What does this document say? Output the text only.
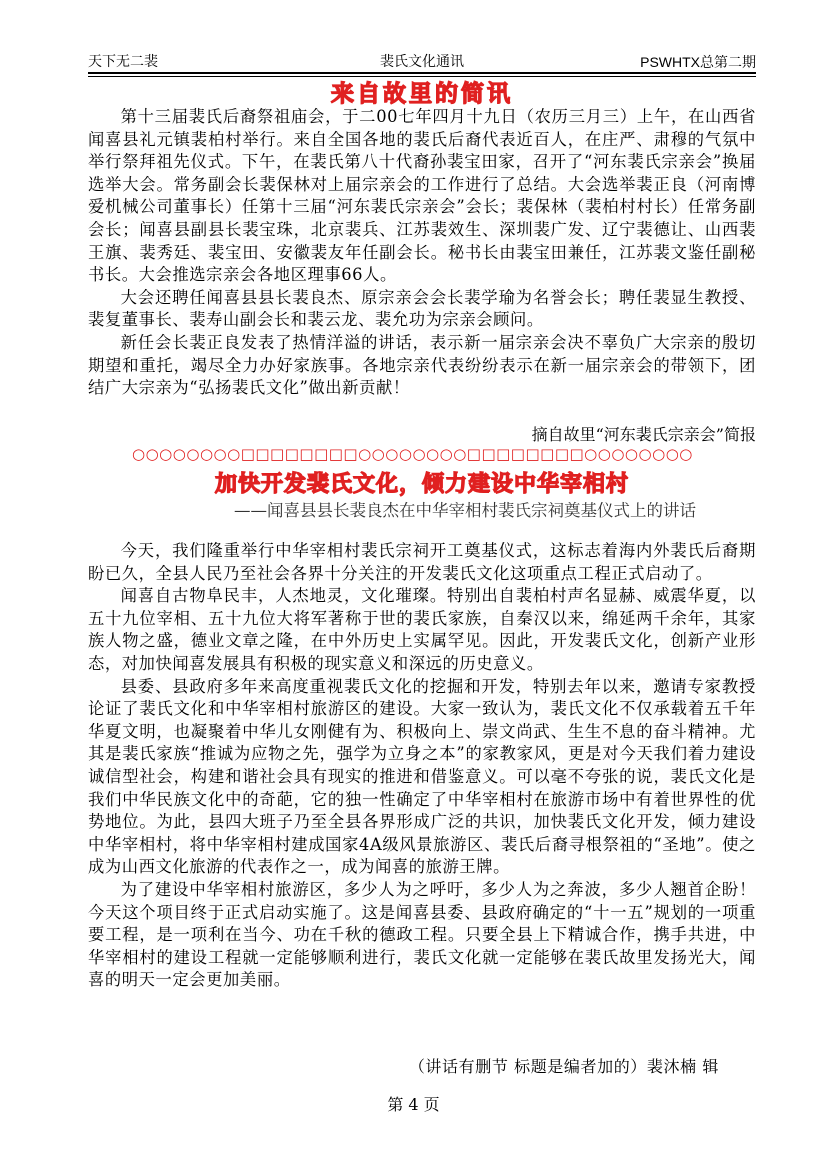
天下无二裴	裴氏文化通讯	PSWHTX总第二期
来自故里的简讯

第十三届裴氏后裔祭祖庙会，于二00七年四月十九日（农历三月三）上午，在山西省闻喜县礼元镇裴柏村举行。来自全国各地的裴氏后裔代表近百人，在庄严、肃穆的气氛中举行祭拜祖先仪式。下午，在裴氏第八十代裔孙裴宝田家，召开了“河东裴氏宗亲会”换届选举大会。常务副会长裴保林对上届宗亲会的工作进行了总结。大会选举裴正良（河南博爱机械公司董事长）任第十三届“河东裴氏宗亲会”会长；裴保林（裴柏村村长）任常务副会长；闻喜县副县长裴宝珠，北京裴兵、江苏裴效生、深圳裴广发、辽宁裴德让、山西裴王旗、裴秀廷、裴宝田、安徽裴友年任副会长。秘书长由裴宝田兼任，江苏裴文鉴任副秘书长。大会推选宗亲会各地区理事66人。

大会还聘任闻喜县县长裴良杰、原宗亲会会长裴学瑜为名誉会长；聘任裴显生教授、裴复董事长、裴寿山副会长和裴云龙、裴允功为宗亲会顾问。

新任会长裴正良发表了热情洋溢的讲话，表示新一届宗亲会决不辜负广大宗亲的殷切期望和重托，竭尽全力办好家族事。各地宗亲代表纷纷表示在新一届宗亲会的带领下，团结广大宗亲为“弘扬裴氏文化”做出新贡献！

摘自故里“河东裴氏宗亲会”简报
○○○○○○○○□□□□□□□□○○○○○○○○□□□□□□□□○○○○○○○○
加快开发裴氏文化，倾力建设中华宰相村
——闻喜县县长裴良杰在中华宰相村裴氏宗祠奠基仪式上的讲话

今天，我们隆重举行中华宰相村裴氏宗祠开工奠基仪式，这标志着海内外裴氏后裔期盼已久，全县人民乃至社会各界十分关注的开发裴氏文化这项重点工程正式启动了。

闻喜自古物阜民丰，人杰地灵，文化璀璨。特别出自裴柏村声名显赫、威震华夏，以五十九位宰相、五十九位大将军著称于世的裴氏家族，自秦汉以来，绵延两千余年，其家族人物之盛，德业文章之隆，在中外历史上实属罕见。因此，开发裴氏文化，创新产业形态，对加快闻喜发展具有积极的现实意义和深远的历史意义。

县委、县政府多年来高度重视裴氏文化的挖掘和开发，特别去年以来，邀请专家教授论证了裴氏文化和中华宰相村旅游区的建设。大家一致认为，裴氏文化不仅承载着五千年华夏文明，也凝聚着中华儿女刚健有为、积极向上、崇文尚武、生生不息的奋斗精神。尤其是裴氏家族“推诚为应物之先，强学为立身之本”的家教家风，更是对今天我们着力建设诚信型社会，构建和谐社会具有现实的推进和借鉴意义。可以毫不夸张的说，裴氏文化是我们中华民族文化中的奇葩，它的独一性确定了中华宰相村在旅游市场中有着世界性的优势地位。为此，县四大班子乃至全县各界形成广泛的共识，加快裴氏文化开发，倾力建设中华宰相村，将中华宰相村建成国家4A级风景旅游区、裴氏后裔寻根祭祖的“圣地”。使之成为山西文化旅游的代表作之一，成为闻喜的旅游王牌。

为了建设中华宰相村旅游区，多少人为之呼吁，多少人为之奔波，多少人翘首企盼！今天这个项目终于正式启动实施了。这是闻喜县委、县政府确定的“十一五”规划的一项重要工程，是一项利在当今、功在千秋的德政工程。只要全县上下精诚合作，携手共进，中华宰相村的建设工程就一定能够顺利进行，裴氏文化就一定能够在裴氏故里发扬光大，闻喜的明天一定会更加美丽。

（讲话有删节 标题是编者加的）裴沐楠 辑
第 4 页
